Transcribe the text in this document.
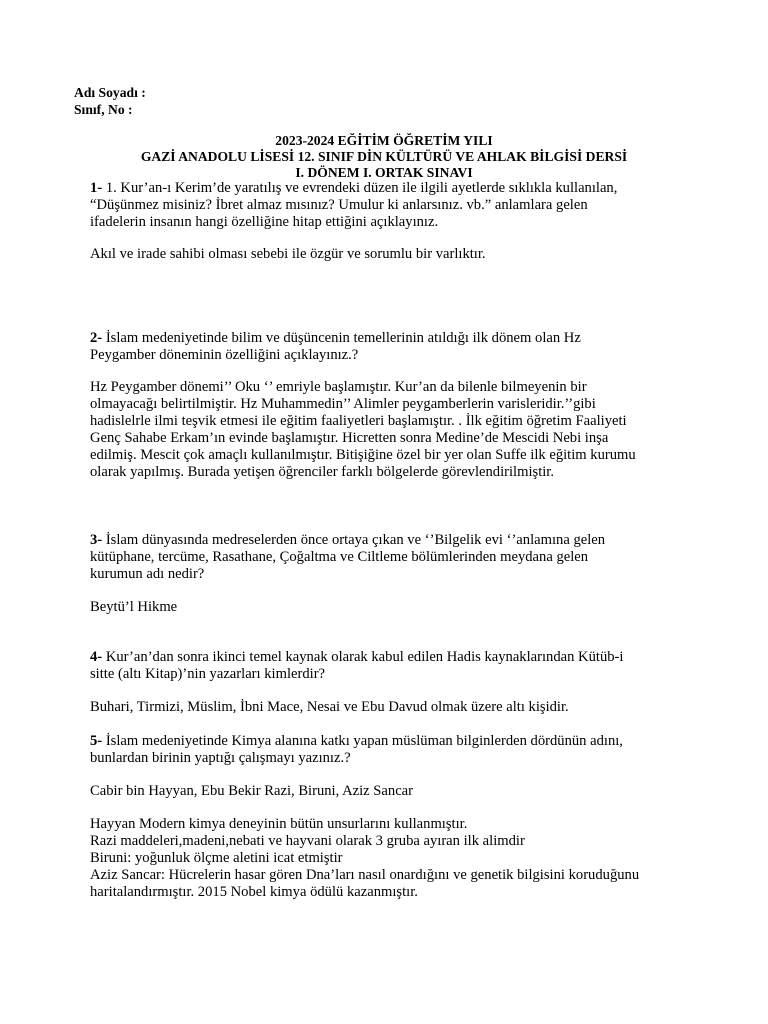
Adı Soyadı :
Sınıf, No :
2023-2024 EĞİTİM ÖĞRETİM YILI
GAZİ ANADOLU LİSESİ 12. SINIF DİN KÜLTÜRÜ VE AHLAK BİLGİSİ DERSİ
I. DÖNEM I. ORTAK SINAVI
1- 1. Kur’an-ı Kerim’de yaratılış ve evrendeki düzen ile ilgili ayetlerde sıklıkla kullanılan,
“Düşünmez misiniz? İbret almaz mısınız? Umulur ki anlarsınız. vb.” anlamlara gelen
ifadelerin insanın hangi özelliğine hitap ettiğini açıklayınız.
Akıl ve irade sahibi olması sebebi ile özgür ve sorumlu bir varlıktır.
2- İslam medeniyetinde bilim ve düşüncenin temellerinin atıldığı ilk dönem olan Hz
Peygamber döneminin özelliğini açıklayınız.?
Hz Peygamber dönemi’’ Oku ‘’ emriyle başlamıştır. Kur’an da bilenle bilmeyenin bir
olmayacağı belirtilmiştir. Hz Muhammedin’’ Alimler peygamberlerin varisleridir.’’gibi
hadislelrle ilmi teşvik etmesi ile eğitim faaliyetleri başlamıştır. . İlk eğitim öğretim Faaliyeti
Genç Sahabe Erkam’ın evinde başlamıştır. Hicretten sonra Medine’de Mescidi Nebi inşa
edilmiş. Mescit çok amaçlı kullanılmıştır. Bitişiğine özel bir yer olan Suffe ilk eğitim kurumu
olarak yapılmış. Burada yetişen öğrenciler farklı bölgelerde görevlendirilmiştir.
3- İslam dünyasında medreselerden önce ortaya çıkan ve ‘’Bilgelik evi ‘’anlamına gelen
kütüphane, tercüme, Rasathane, Çoğaltma ve Ciltleme bölümlerinden meydana gelen
kurumun adı nedir?
Beytü’l Hikme
4- Kur’an’dan sonra ikinci temel kaynak olarak kabul edilen Hadis kaynaklarından Kütüb-i
sitte (altı Kitap)’nin yazarları kimlerdir?
Buhari, Tirmizi, Müslim, İbni Mace, Nesai ve Ebu Davud olmak üzere altı kişidir.
5- İslam medeniyetinde Kimya alanına katkı yapan müslüman bilginlerden dördünün adını,
bunlardan birinin yaptığı çalışmayı yazınız.?
Cabir bin Hayyan, Ebu Bekir Razi, Biruni, Aziz Sancar
Hayyan Modern kimya deneyinin bütün unsurlarını kullanmıştır.
Razi maddeleri,madeni,nebati ve hayvani olarak 3 gruba ayıran ilk alimdir
Biruni: yoğunluk ölçme aletini icat etmiştir
Aziz Sancar: Hücrelerin hasar gören Dna’ları nasıl onardığını ve genetik bilgisini koruduğunu
haritalandırmıştır. 2015 Nobel kimya ödülü kazanmıştır.
